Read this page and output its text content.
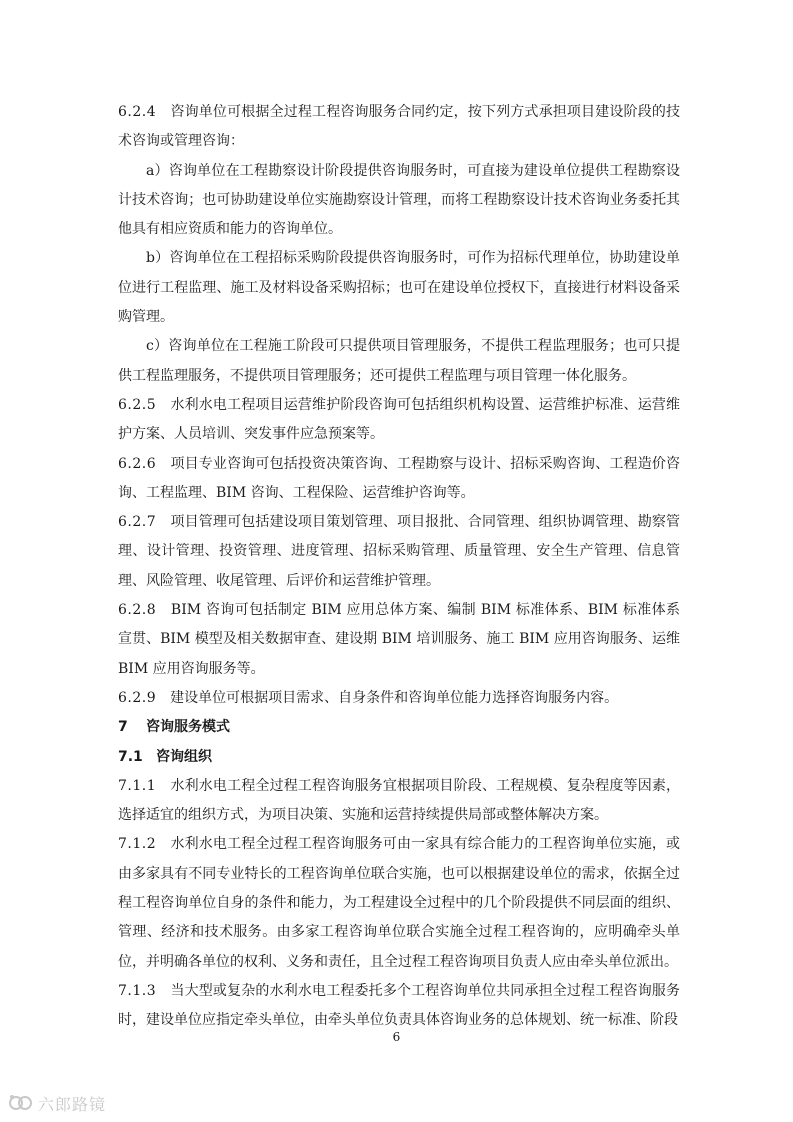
6.2.4　 咨询单位可根据全过程工程咨询服务合同约定，按下列方式承担项目建设阶段的技术咨询或管理咨询：

a）咨询单位在工程勘察设计阶段提供咨询服务时，可直接为建设单位提供工程勘察设计技术咨询；也可协助建设单位实施勘察设计管理，而将工程勘察设计技术咨询业务委托其他具有相应资质和能力的咨询单位。

b）咨询单位在工程招标采购阶段提供咨询服务时，可作为招标代理单位，协助建设单位进行工程监理、施工及材料设备采购招标；也可在建设单位授权下，直接进行材料设备采购管理。

c）咨询单位在工程施工阶段可只提供项目管理服务，不提供工程监理服务；也可只提供工程监理服务，不提供项目管理服务；还可提供工程监理与项目管理一体化服务。

6.2.5　 水利水电工程项目运营维护阶段咨询可包括组织机构设置、运营维护标准、运营维护方案、人员培训、突发事件应急预案等。

6.2.6　 项目专业咨询可包括投资决策咨询、工程勘察与设计、招标采购咨询、工程造价咨询、工程监理、BIM 咨询、工程保险、运营维护咨询等。

6.2.7　 项目管理可包括建设项目策划管理、项目报批、合同管理、组织协调管理、勘察管理、设计管理、投资管理、进度管理、招标采购管理、质量管理、安全生产管理、信息管理、风险管理、收尾管理、后评价和运营维护管理。

6.2.8　 BIM 咨询可包括制定 BIM 应用总体方案、编制 BIM 标准体系、BIM 标准体系宣贯、BIM 模型及相关数据审查、建设期 BIM 培训服务、施工 BIM 应用咨询服务、运维 BIM 应用咨询服务等。

6.2.9　 建设单位可根据项目需求、自身条件和咨询单位能力选择咨询服务内容。

7 咨询服务模式

7.1 咨询组织

7.1.1　 水利水电工程全过程工程咨询服务宜根据项目阶段、工程规模、复杂程度等因素，选择适宜的组织方式，为项目决策、实施和运营持续提供局部或整体解决方案。

7.1.2　 水利水电工程全过程工程咨询服务可由一家具有综合能力的工程咨询单位实施，或由多家具有不同专业特长的工程咨询单位联合实施，也可以根据建设单位的需求，依据全过程工程咨询单位自身的条件和能力，为工程建设全过程中的几个阶段提供不同层面的组织、管理、经济和技术服务。由多家工程咨询单位联合实施全过程工程咨询的，应明确牵头单位，并明确各单位的权利、义务和责任，且全过程工程咨询项目负责人应由牵头单位派出。

7.1.3　 当大型或复杂的水利水电工程委托多个工程咨询单位共同承担全过程工程咨询服务时，建设单位应指定牵头单位，由牵头单位负责具体咨询业务的总体规划、统一标准、阶段

6
六郎路镜
